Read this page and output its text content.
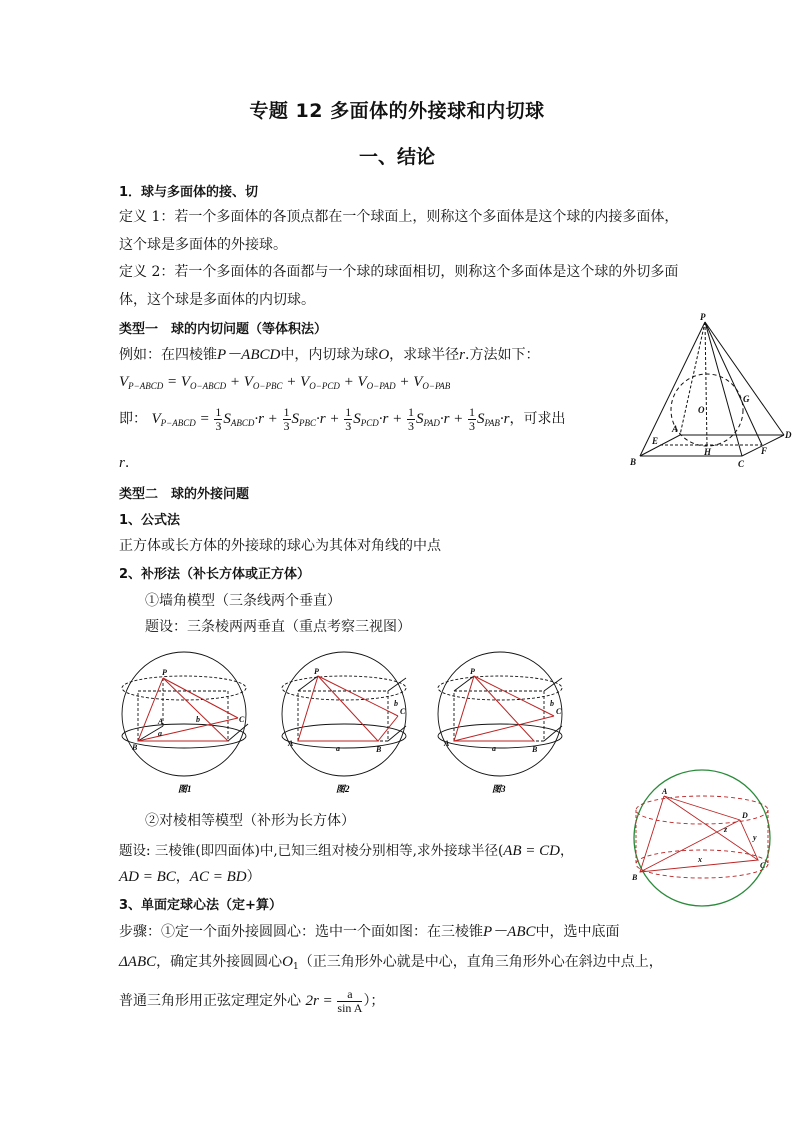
专题 12 多面体的外接球和内切球
一、结论
1．球与多面体的接、切
定义 1：若一个多面体的各顶点都在一个球面上，则称这个多面体是这个球的内接多面体，
这个球是多面体的外接球。
定义 2：若一个多面体的各面都与一个球的球面相切，则称这个多面体是这个球的外切多面
体，这个球是多面体的内切球。
类型一　球的内切问题（等体积法）
例如：在四棱锥P－ABCD中，内切球为球O，求球半径r.方法如下：
$V_{P-ABCD} = V_{O-ABCD} + V_{O-PBC} + V_{O-PCD} + V_{O-PAD} + V_{O-PAB}$
即： $V_{P-ABCD} = \frac{1}{3} S_{ABCD}\cdot r + \frac{1}{3} S_{PBC}\cdot r + \frac{1}{3} S_{PCD}\cdot r + \frac{1}{3} S_{PAD}\cdot r + \frac{1}{3} S_{PAB}\cdot r$，可求出
r.
P
O
G
A
E
D
H	F
B	C
类型二　球的外接问题
1、公式法
正方体或长方体的外接球的球心为其体对角线的中点
2、补形法（补长方体或正方体）
①墙角模型（三条线两个垂直）
题设：三条棱两两垂直（重点考察三视图）
P
A	C
B
a
b
图1
P
A
C
B
a
b
图2
P
A
C
B
a
b
图3	A
D
B
C
x
y
z
②对棱相等模型（补形为长方体）
题设: 三棱锥(即四面体)中,已知三组对棱分别相等,求外接球半径(AB = CD，
AD = BC，AC = BD）
3、单面定球心法（定+算）
步骤：①定一个面外接圆圆心：选中一个面如图：在三棱锥P－ABC中，选中底面
ΔABC，确定其外接圆圆心$O_1$（正三角形外心就是中心，直角三角形外心在斜边中点上，
普通三角形用正弦定理定外心 $2r = \frac{a}{\text{sin A}}$ ）；
